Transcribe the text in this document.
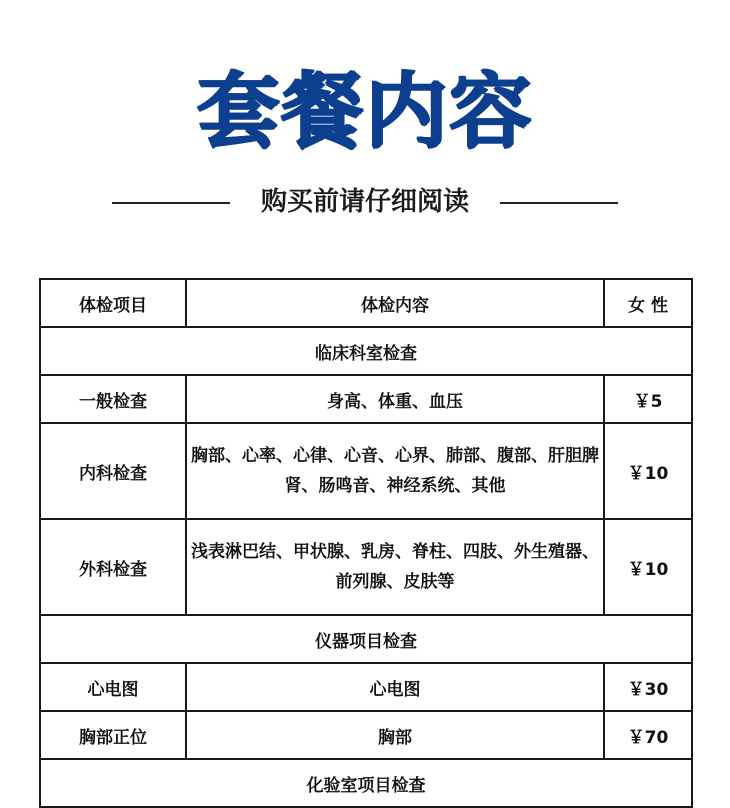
套餐内容
购买前请仔细阅读
体检项目	体检内容	女 性
临床科室检查		
一般检查	身高、体重、血压	￥5
内科检查	胸部、心率、心律、心音、心界、肺部、腹部、肝胆脾肾、肠鸣音、神经系统、其他	￥10
外科检查	浅表淋巴结、甲状腺、乳房、脊柱、四肢、外生殖器、前列腺、皮肤等	￥10
仪器项目检查		
心电图	心电图	￥30
胸部正位	胸部	￥70
化验室项目检查		
